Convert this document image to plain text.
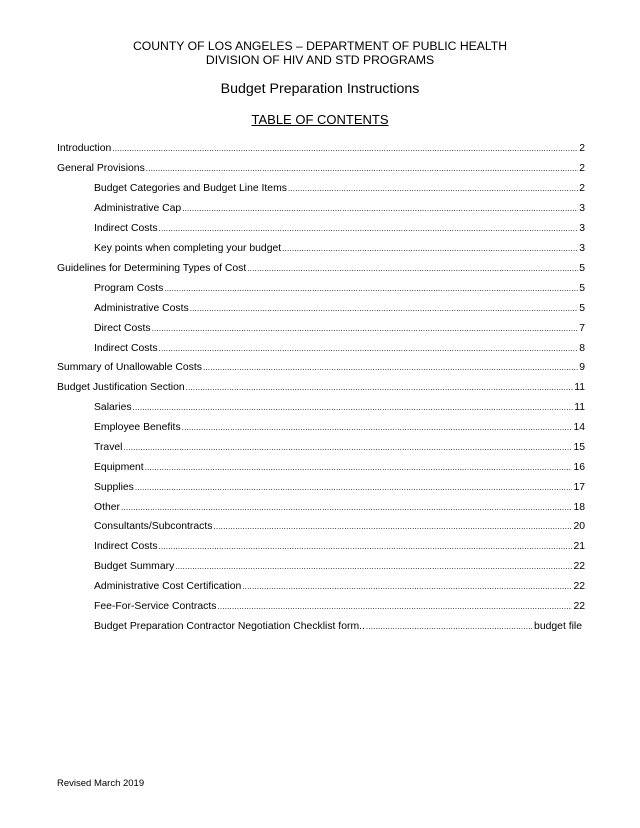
COUNTY OF LOS ANGELES – DEPARTMENT OF PUBLIC HEALTH
DIVISION OF HIV AND STD PROGRAMS
Budget Preparation Instructions
TABLE OF CONTENTS
Introduction .....	2
General Provisions .....	2
Budget Categories and Budget Line Items .....	2
Administrative Cap .....	3
Indirect Costs .....	3
Key points when completing your budget .....	3
Guidelines for Determining Types of Cost .....	5
Program Costs .....	5
Administrative Costs .....	5
Direct Costs .....	7
Indirect Costs .....	8
Summary of Unallowable Costs .....	9
Budget Justification Section .....	11
Salaries .....	11
Employee Benefits .....	14
Travel .....	15
Equipment .....	16
Supplies .....	17
Other .....	18
Consultants/Subcontracts .....	20
Indirect Costs .....	21
Budget Summary .....	22
Administrative Cost Certification .....	22
Fee-For-Service Contracts .....	22
Budget Preparation Contractor Negotiation Checklist form.. .....	budget file
Revised March 2019
